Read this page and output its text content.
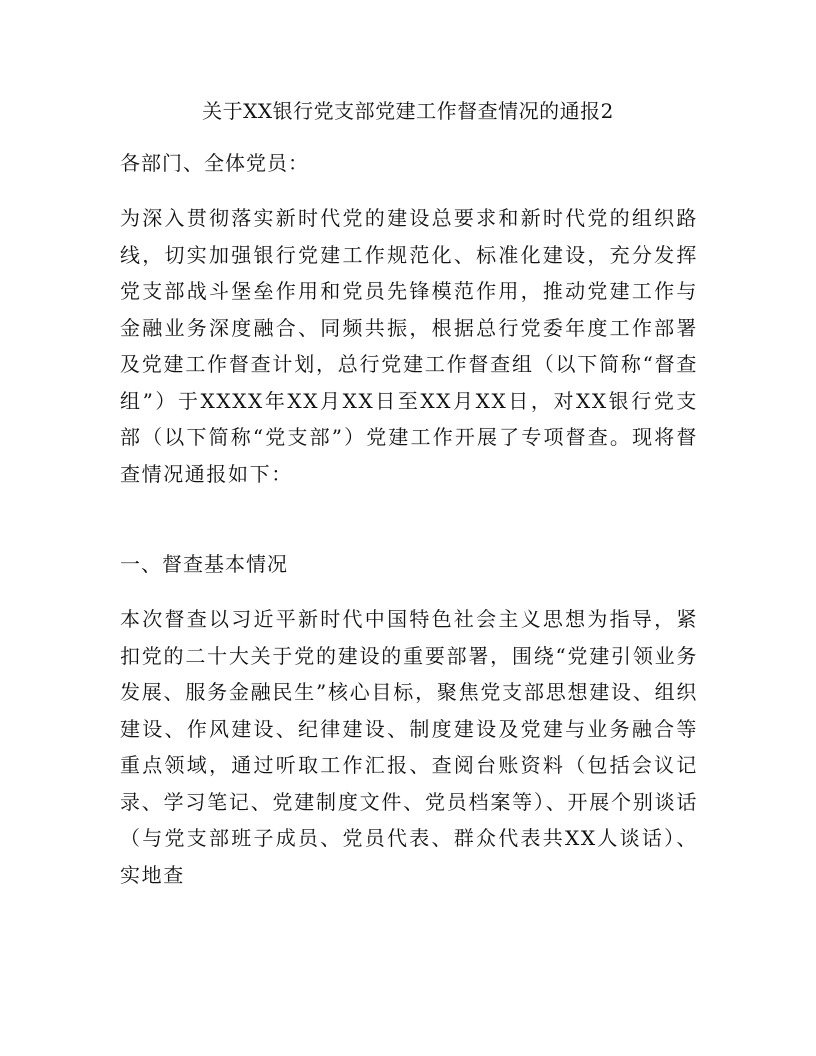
关于XX银行党支部党建工作督查情况的通报2
各部门、全体党员：
为深入贯彻落实新时代党的建设总要求和新时代党的组织路线，切实加强银行党建工作规范化、标准化建设，充分发挥党支部战斗堡垒作用和党员先锋模范作用，推动党建工作与金融业务深度融合、同频共振，根据总行党委年度工作部署及党建工作督查计划，总行党建工作督查组（以下简称“督查组”）于XXXX年XX月XX日至XX月XX日，对XX银行党支部（以下简称“党支部”）党建工作开展了专项督查。现将督查情况通报如下：
一、督查基本情况
本次督查以习近平新时代中国特色社会主义思想为指导，紧扣党的二十大关于党的建设的重要部署，围绕“党建引领业务发展、服务金融民生”核心目标，聚焦党支部思想建设、组织建设、作风建设、纪律建设、制度建设及党建与业务融合等重点领域，通过听取工作汇报、查阅台账资料（包括会议记录、学习笔记、党建制度文件、党员档案等）、开展个别谈话（与党支部班子成员、党员代表、群众代表共XX人谈话）、实地查
